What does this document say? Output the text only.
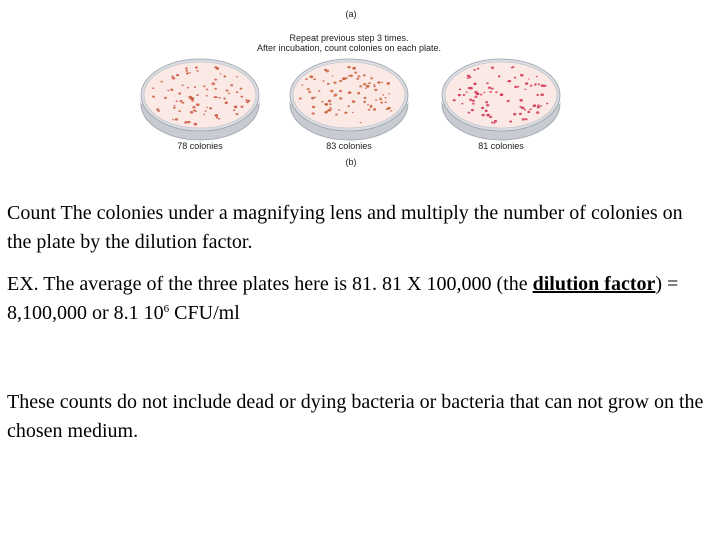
(a)
Repeat previous step 3 times.
After incubation, count colonies on each plate.
78 colonies	83 colonies	81 colonies
(b)

Count The colonies under a magnifying lens and multiply the number of colonies on the plate by the dilution factor.

EX. The average of the three plates here is 81. 81 X 100,000 (the dilution factor) = 8,100,000 or 8.1 $10^6$ CFU/ml

These counts do not include dead or dying bacteria or bacteria that can not grow on the chosen medium.
